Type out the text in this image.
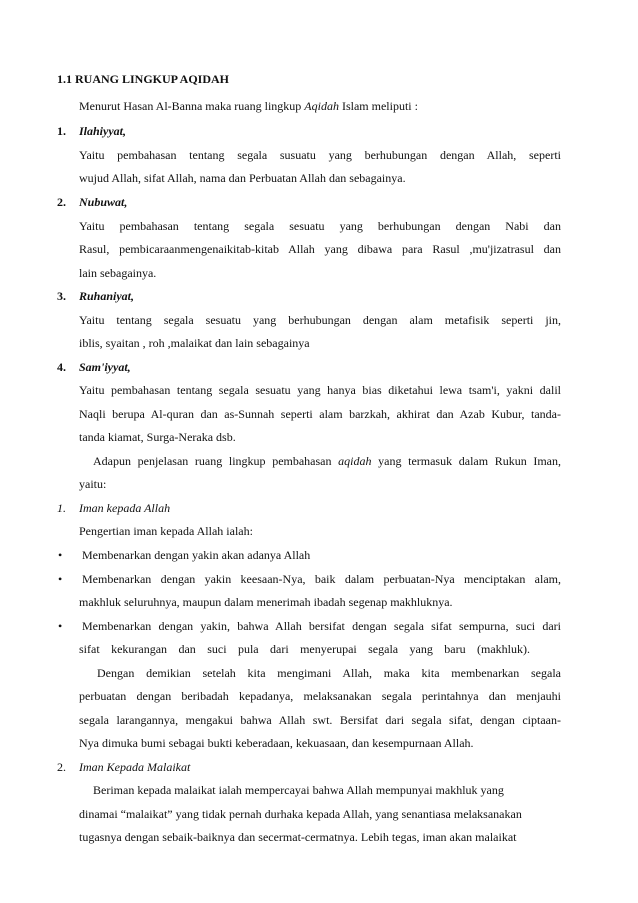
1.1 RUANG LINGKUP AQIDAH
Menurut Hasan Al-Banna maka ruang lingkup Aqidah Islam meliputi :
1. Ilahiyyat,
Yaitu pembahasan tentang segala susuatu yang berhubungan dengan Allah, seperti
wujud Allah, sifat Allah, nama dan Perbuatan Allah dan sebagainya.
2. Nubuwat,
Yaitu pembahasan tentang segala sesuatu yang berhubungan dengan Nabi dan
Rasul, pembicaraanmengenaikitab-kitab Allah yang dibawa para Rasul ,mu'jizatrasul dan
lain sebagainya.
3. Ruhaniyat,
Yaitu tentang segala sesuatu yang berhubungan dengan alam metafisik seperti jin,
iblis, syaitan , roh ,malaikat dan lain sebagainya
4. Sam'iyyat,
Yaitu pembahasan tentang segala sesuatu yang hanya bias diketahui lewa tsam'i, yakni dalil
Naqli berupa Al-quran dan as-Sunnah seperti alam barzkah, akhirat dan Azab Kubur, tanda-
tanda kiamat, Surga-Neraka dsb.
Adapun penjelasan ruang lingkup pembahasan aqidah yang termasuk dalam Rukun Iman,
yaitu:
1. Iman kepada Allah
Pengertian iman kepada Allah ialah:
• Membenarkan dengan yakin akan adanya Allah
• Membenarkan dengan yakin keesaan-Nya, baik dalam perbuatan-Nya menciptakan alam,
makhluk seluruhnya, maupun dalam menerimah ibadah segenap makhluknya.
• Membenarkan dengan yakin, bahwa Allah bersifat dengan segala sifat sempurna, suci dari
sifat kekurangan dan suci pula dari menyerupai segala yang baru (makhluk).
Dengan demikian setelah kita mengimani Allah, maka kita membenarkan segala
perbuatan dengan beribadah kepadanya, melaksanakan segala perintahnya dan menjauhi
segala larangannya, mengakui bahwa Allah swt. Bersifat dari segala sifat, dengan ciptaan-
Nya dimuka bumi sebagai bukti keberadaan, kekuasaan, dan kesempurnaan Allah.
2. Iman Kepada Malaikat
Beriman kepada malaikat ialah mempercayai bahwa Allah mempunyai makhluk yang
dinamai “malaikat” yang tidak pernah durhaka kepada Allah, yang senantiasa melaksanakan
tugasnya dengan sebaik-baiknya dan secermat-cermatnya. Lebih tegas, iman akan malaikat
